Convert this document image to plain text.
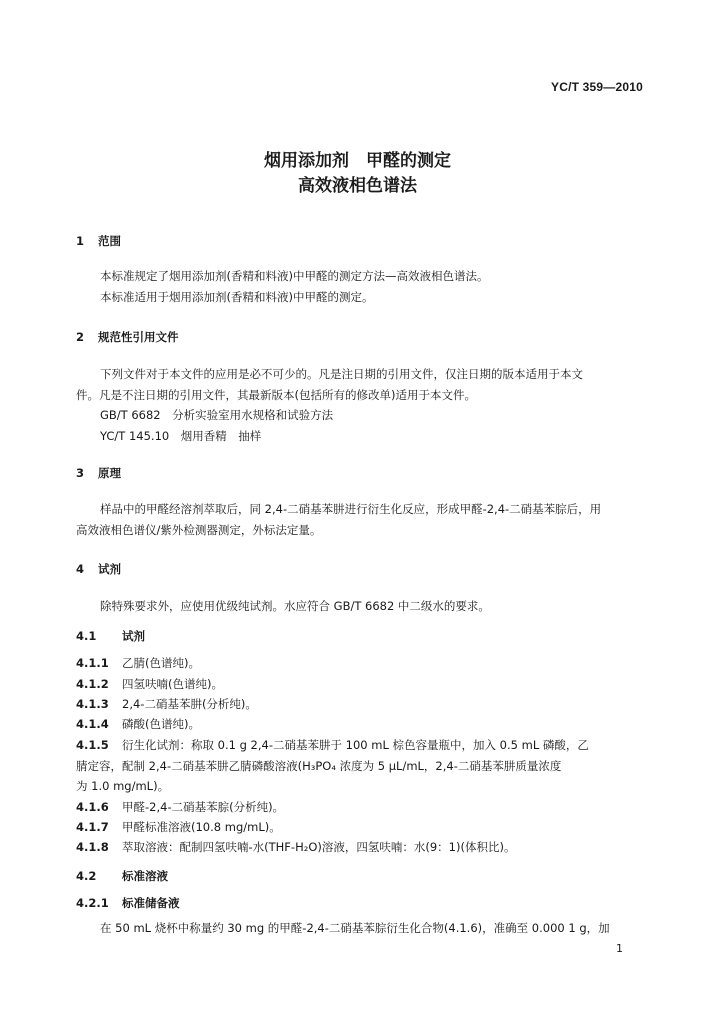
YC/T 359—2010
烟用添加剂　甲醛的测定
高效液相色谱法
1 范围
本标准规定了烟用添加剂(香精和料液)中甲醛的测定方法—高效液相色谱法。
本标准适用于烟用添加剂(香精和料液)中甲醛的测定。
2 规范性引用文件
下列文件对于本文件的应用是必不可少的。凡是注日期的引用文件，仅注日期的版本适用于本文
件。凡是不注日期的引用文件，其最新版本(包括所有的修改单)适用于本文件。
GB/T 6682　分析实验室用水规格和试验方法
YC/T 145.10　烟用香精　抽样
3 原理
样品中的甲醛经溶剂萃取后，同 2,4-二硝基苯肼进行衍生化反应，形成甲醛-2,4-二硝基苯腙后，用
高效液相色谱仪/紫外检测器测定，外标法定量。
4 试剂
除特殊要求外，应使用优级纯试剂。水应符合 GB/T 6682 中二级水的要求。
4.1 试剂
4.1.1 乙腈(色谱纯)。
4.1.2 四氢呋喃(色谱纯)。
4.1.3 2,4-二硝基苯肼(分析纯)。
4.1.4 磷酸(色谱纯)。
4.1.5 衍生化试剂：称取 0.1 g 2,4-二硝基苯肼于 100 mL 棕色容量瓶中，加入 0.5 mL 磷酸，乙
腈定容，配制 2,4-二硝基苯肼乙腈磷酸溶液(H₃PO₄ 浓度为 5 μL/mL，2,4-二硝基苯肼质量浓度
为 1.0 mg/mL)。
4.1.6 甲醛-2,4-二硝基苯腙(分析纯)。
4.1.7 甲醛标准溶液(10.8 mg/mL)。
4.1.8 萃取溶液：配制四氢呋喃-水(THF-H₂O)溶液，四氢呋喃：水(9：1)(体积比)。
4.2 标准溶液
4.2.1 标准储备液
在 50 mL 烧杯中称量约 30 mg 的甲醛-2,4-二硝基苯腙衍生化合物(4.1.6)，准确至 0.000 1 g，加
1
